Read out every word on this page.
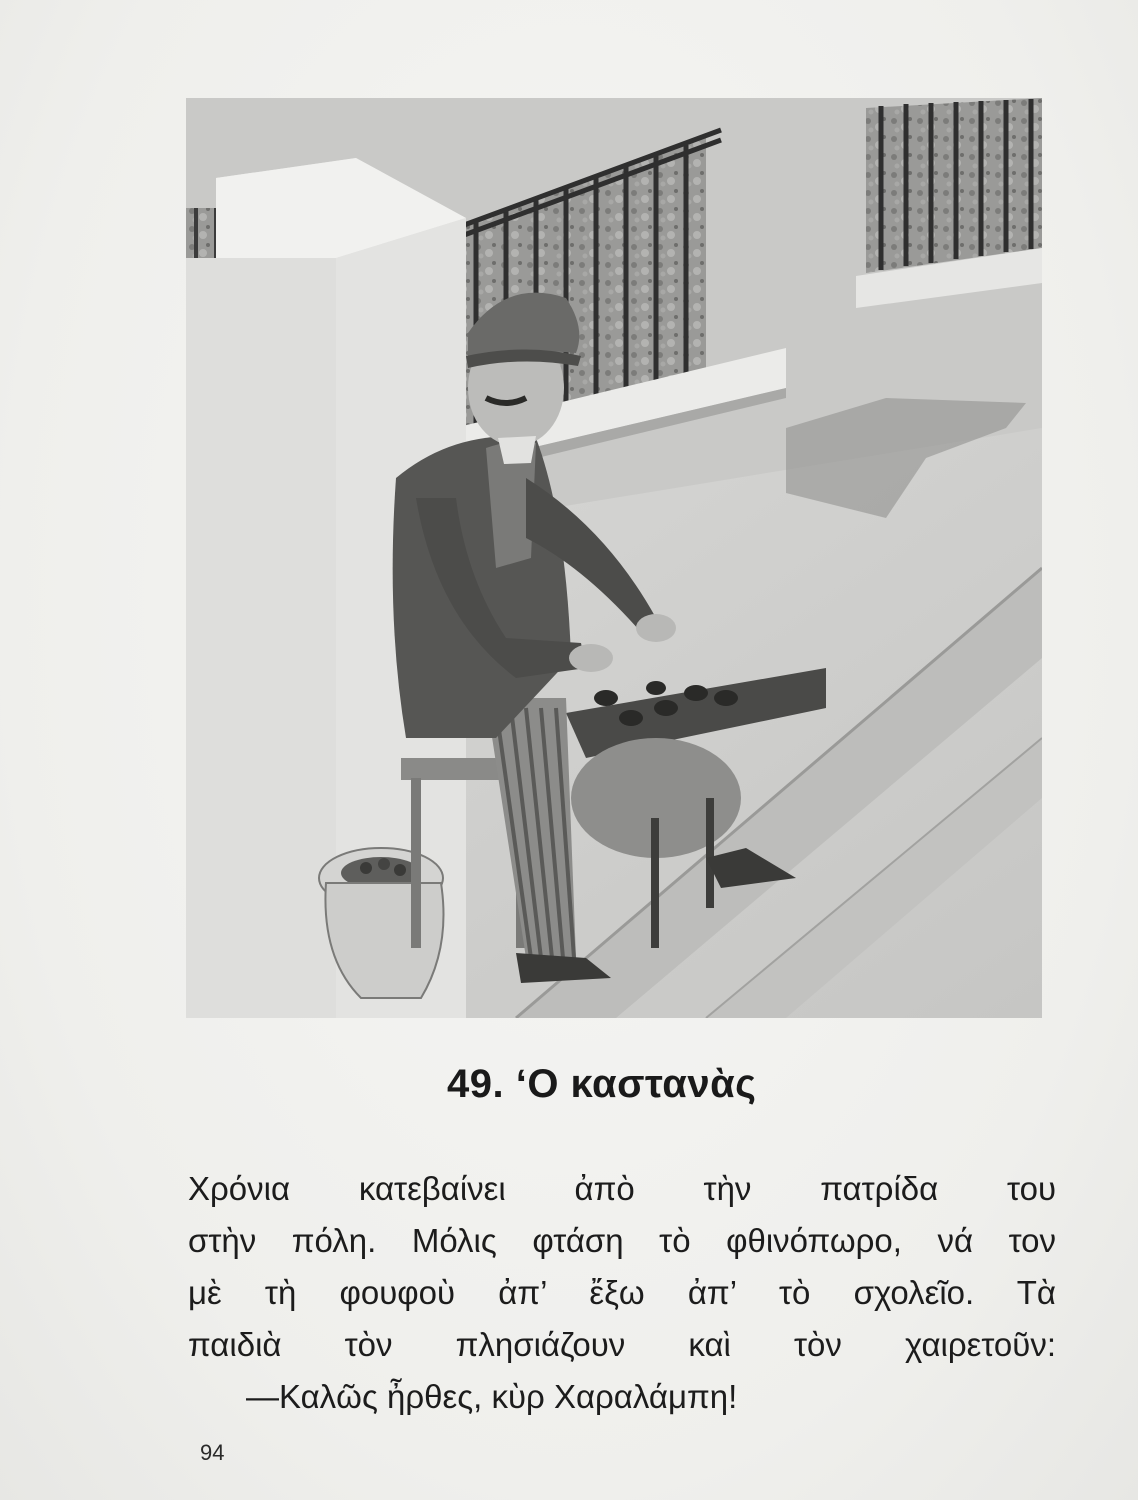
49. ‘Ο καστανὰς
Χρόνια κατεβαίνει ἀπὸ τὴν πατρίδα του
στὴν πόλη. Μόλις φτάση τὸ φθινόπωρο, νά τον
μὲ τὴ φουφοὺ ἀπ’ ἔξω ἀπ’ τὸ σχολεῖο. Τὰ
παιδιὰ τὸν πλησιάζουν καὶ τὸν χαιρετοῦν:
—Καλῶς ἦρθες, κὺρ Χαραλάμπη!
94
